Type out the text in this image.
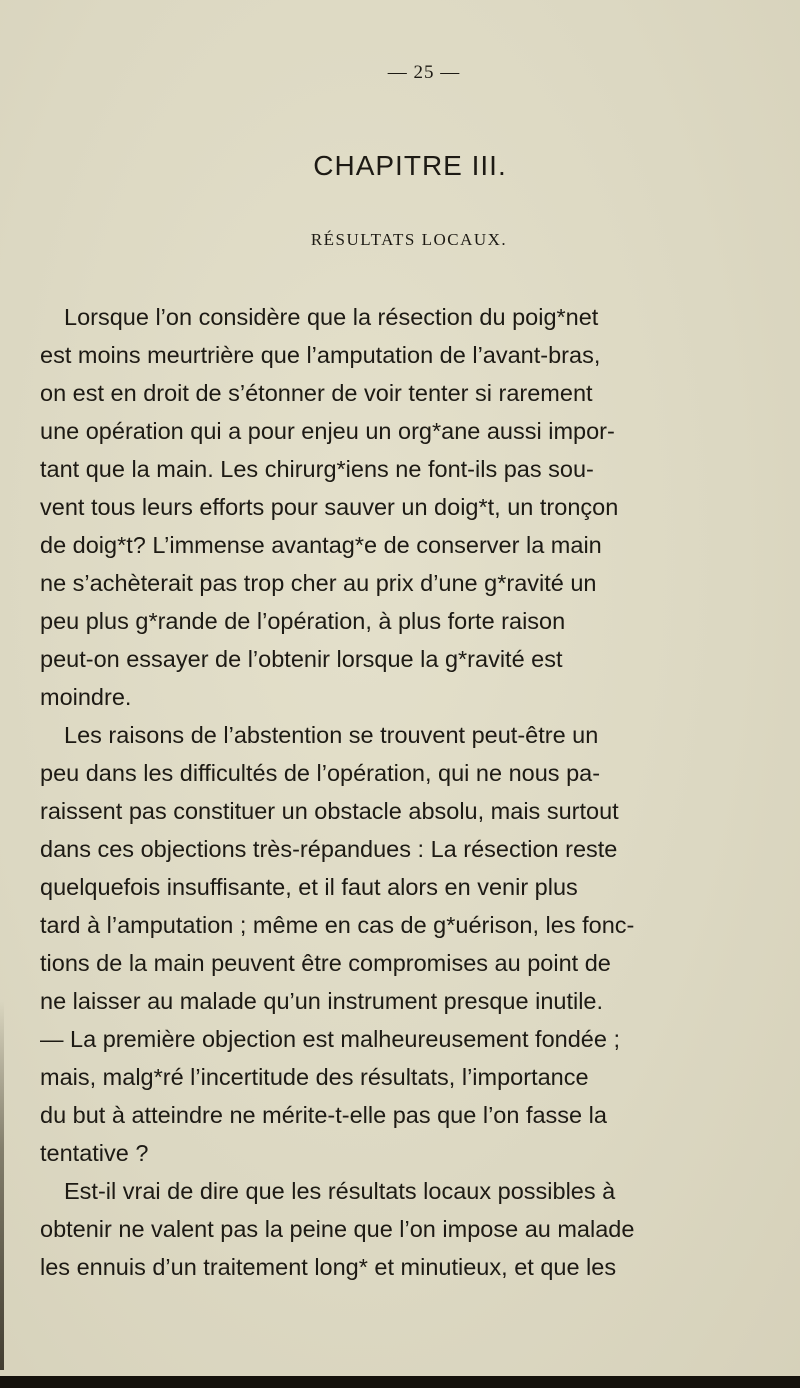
— 25 —
CHAPITRE III.
RÉSULTATS LOCAUX.
Lorsque l’on considère que la résection du poig*net
est moins meurtrière que l’amputation de l’avant-bras,
on est en droit de s’étonner de voir tenter si rarement
une opération qui a pour enjeu un org*ane aussi impor-
tant que la main. Les chirurg*iens ne font-ils pas sou-
vent tous leurs efforts pour sauver un doig*t, un tronçon
de doig*t? L’immense avantag*e de conserver la main
ne s’achèterait pas trop cher au prix d’une g*ravité un
peu plus g*rande de l’opération, à plus forte raison
peut-on essayer de l’obtenir lorsque la g*ravité est
moindre.
Les raisons de l’abstention se trouvent peut-être un
peu dans les difficultés de l’opération, qui ne nous pa-
raissent pas constituer un obstacle absolu, mais surtout
dans ces objections très-répandues : La résection reste
quelquefois insuffisante, et il faut alors en venir plus
tard à l’amputation ; même en cas de g*uérison, les fonc-
tions de la main peuvent être compromises au point de
ne laisser au malade qu’un instrument presque inutile.
— La première objection est malheureusement fondée ;
mais, malg*ré l’incertitude des résultats, l’importance
du but à atteindre ne mérite-t-elle pas que l’on fasse la
tentative ?
Est-il vrai de dire que les résultats locaux possibles à
obtenir ne valent pas la peine que l’on impose au malade
les ennuis d’un traitement long* et minutieux, et que les
